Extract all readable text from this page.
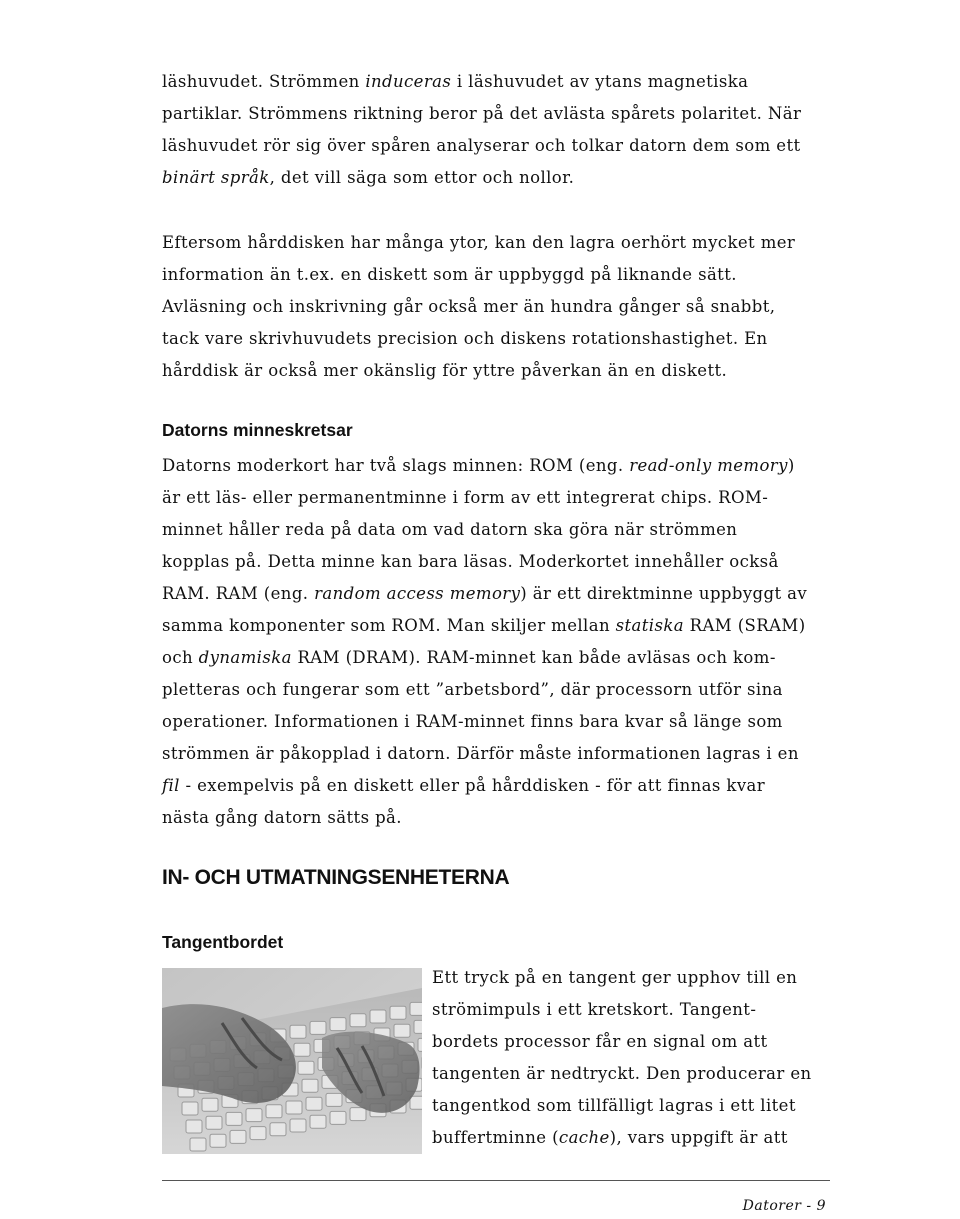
läshuvudet. Strömmen induceras i läshuvudet av ytans magnetiska
partiklar. Strömmens riktning beror på det avlästa spårets polaritet. När
läshuvudet rör sig över spåren analyserar och tolkar datorn dem som ett
binärt språk, det vill säga som ettor och nollor.
Eftersom hårddisken har många ytor, kan den lagra oerhört mycket mer
information än t.ex. en diskett som är uppbyggd på liknande sätt.
Avläsning och inskrivning går också mer än hundra gånger så snabbt,
tack vare skrivhuvudets precision och diskens rotationshastighet. En
hårddisk är också mer okänslig för yttre påverkan än en diskett.
Datorns minneskretsar
Datorns moderkort har två slags minnen: ROM (eng. read-only memory)
är ett läs- eller permanentminne i form av ett integrerat chips. ROM-
minnet håller reda på data om vad datorn ska göra när strömmen
kopplas på. Detta minne kan bara läsas. Moderkortet innehåller också
RAM. RAM (eng. random access memory) är ett direktminne uppbyggt av
samma komponenter som ROM. Man skiljer mellan statiska RAM (SRAM)
och dynamiska RAM (DRAM). RAM-minnet kan både avläsas och kom-
pletteras och fungerar som ett ”arbetsbord”, där processorn utför sina
operationer. Informationen i RAM-minnet finns bara kvar så länge som
strömmen är påkopplad i datorn. Därför måste informationen lagras i en
fil - exempelvis på en diskett eller på hårddisken - för att finnas kvar
nästa gång datorn sätts på.
IN- OCH UTMATNINGSENHETERNA
Tangentbordet
Ett tryck på en tangent ger upphov till en
strömimpuls i ett kretskort. Tangent-
bordets processor får en signal om att
tangenten är nedtryckt. Den producerar en
tangentkod som tillfälligt lagras i ett litet
buffertminne (cache), vars uppgift är att
Datorer - 9
